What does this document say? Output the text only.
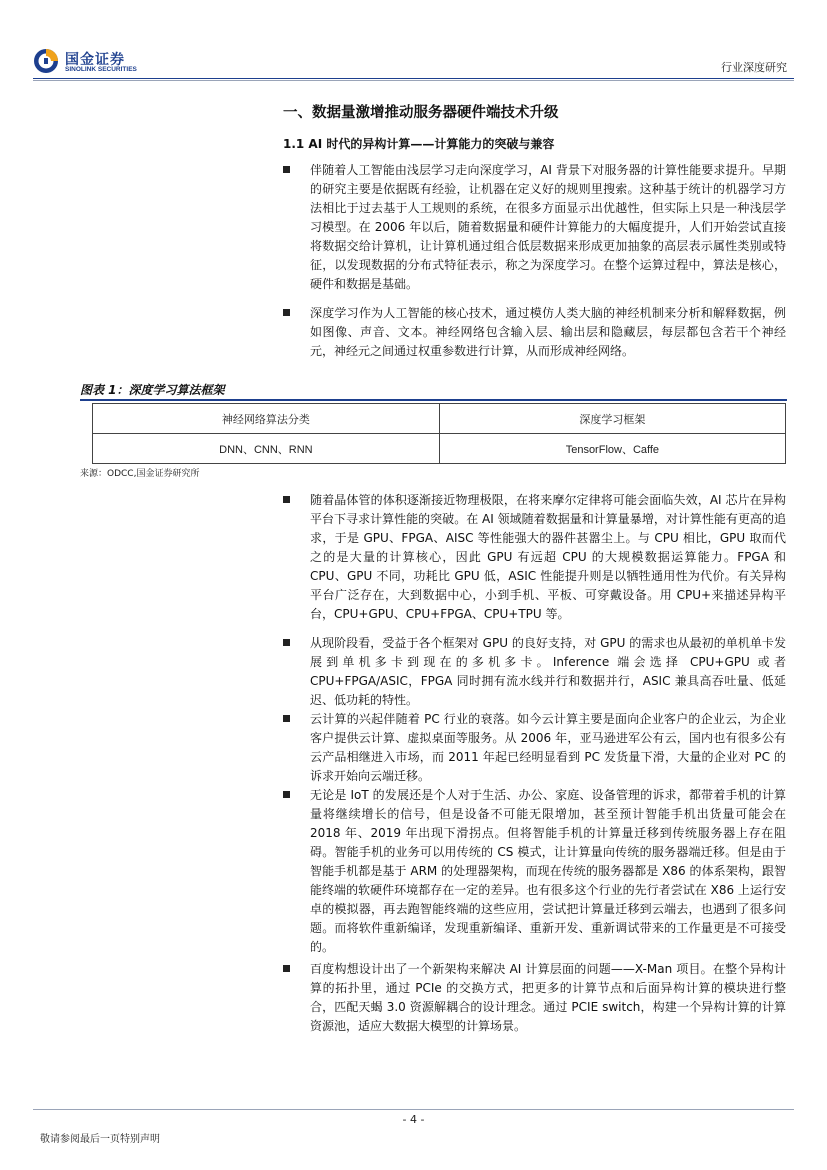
国金证券
SINOLINK SECURITIES	行业深度研究
一、数据量激增推动服务器硬件端技术升级
1.1 AI 时代的异构计算——计算能力的突破与兼容
伴随着人工智能由浅层学习走向深度学习，AI 背景下对服务器的计算性能要求提升。早期的研究主要是依据既有经验，让机器在定义好的规则里搜索。这种基于统计的机器学习方法相比于过去基于人工规则的系统，在很多方面显示出优越性，但实际上只是一种浅层学习模型。在 2006 年以后，随着数据量和硬件计算能力的大幅度提升，人们开始尝试直接将数据交给计算机，让计算机通过组合低层数据来形成更加抽象的高层表示属性类别或特征，以发现数据的分布式特征表示，称之为深度学习。在整个运算过程中，算法是核心，硬件和数据是基础。
深度学习作为人工智能的核心技术，通过模仿人类大脑的神经机制来分析和解释数据，例如图像、声音、文本。神经网络包含输入层、输出层和隐藏层，每层都包含若干个神经元，神经元之间通过权重参数进行计算，从而形成神经网络。
图表 1：深度学习算法框架
神经网络算法分类	深度学习框架
DNN、CNN、RNN	TensorFlow、Caffe
来源：ODCC,国金证券研究所
随着晶体管的体积逐渐接近物理极限，在将来摩尔定律将可能会面临失效，AI 芯片在异构平台下寻求计算性能的突破。在 AI 领域随着数据量和计算量暴增，对计算性能有更高的追求，于是 GPU、FPGA、AISC 等性能强大的器件甚嚣尘上。与 CPU 相比，GPU 取而代之的是大量的计算核心，因此 GPU 有远超 CPU 的大规模数据运算能力。FPGA 和 CPU、GPU 不同，功耗比 GPU 低，ASIC 性能提升则是以牺牲通用性为代价。有关异构平台广泛存在，大到数据中心，小到手机、平板、可穿戴设备。用 CPU+来描述异构平台，CPU+GPU、CPU+FPGA、CPU+TPU 等。
从现阶段看，受益于各个框架对 GPU 的良好支持，对 GPU 的需求也从最初的单机单卡发展到单机多卡到现在的多机多卡。Inference 端会选择 CPU+GPU 或者 CPU+FPGA/ASIC，FPGA 同时拥有流水线并行和数据并行，ASIC 兼具高吞吐量、低延迟、低功耗的特性。
云计算的兴起伴随着 PC 行业的衰落。如今云计算主要是面向企业客户的企业云，为企业客户提供云计算、虚拟桌面等服务。从 2006 年，亚马逊进军公有云，国内也有很多公有云产品相继进入市场，而 2011 年起已经明显看到 PC 发货量下滑，大量的企业对 PC 的诉求开始向云端迁移。
无论是 IoT 的发展还是个人对于生活、办公、家庭、设备管理的诉求，都带着手机的计算量将继续增长的信号，但是设备不可能无限增加，甚至预计智能手机出货量可能会在 2018 年、2019 年出现下滑拐点。但将智能手机的计算量迁移到传统服务器上存在阻碍。智能手机的业务可以用传统的 CS 模式，让计算量向传统的服务器端迁移。但是由于智能手机都是基于 ARM 的处理器架构，而现在传统的服务器都是 X86 的体系架构，跟智能终端的软硬件环境都存在一定的差异。也有很多这个行业的先行者尝试在 X86 上运行安卓的模拟器，再去跑智能终端的这些应用，尝试把计算量迁移到云端去，也遇到了很多问题。而将软件重新编译，发现重新编译、重新开发、重新调试带来的工作量更是不可接受的。
百度构想设计出了一个新架构来解决 AI 计算层面的问题——X-Man 项目。在整个异构计算的拓扑里，通过 PCIe 的交换方式，把更多的计算节点和后面异构计算的模块进行整合，匹配天蝎 3.0 资源解耦合的设计理念。通过 PCIE switch，构建一个异构计算的计算资源池，适应大数据大模型的计算场景。
- 4 -
敬请参阅最后一页特别声明
